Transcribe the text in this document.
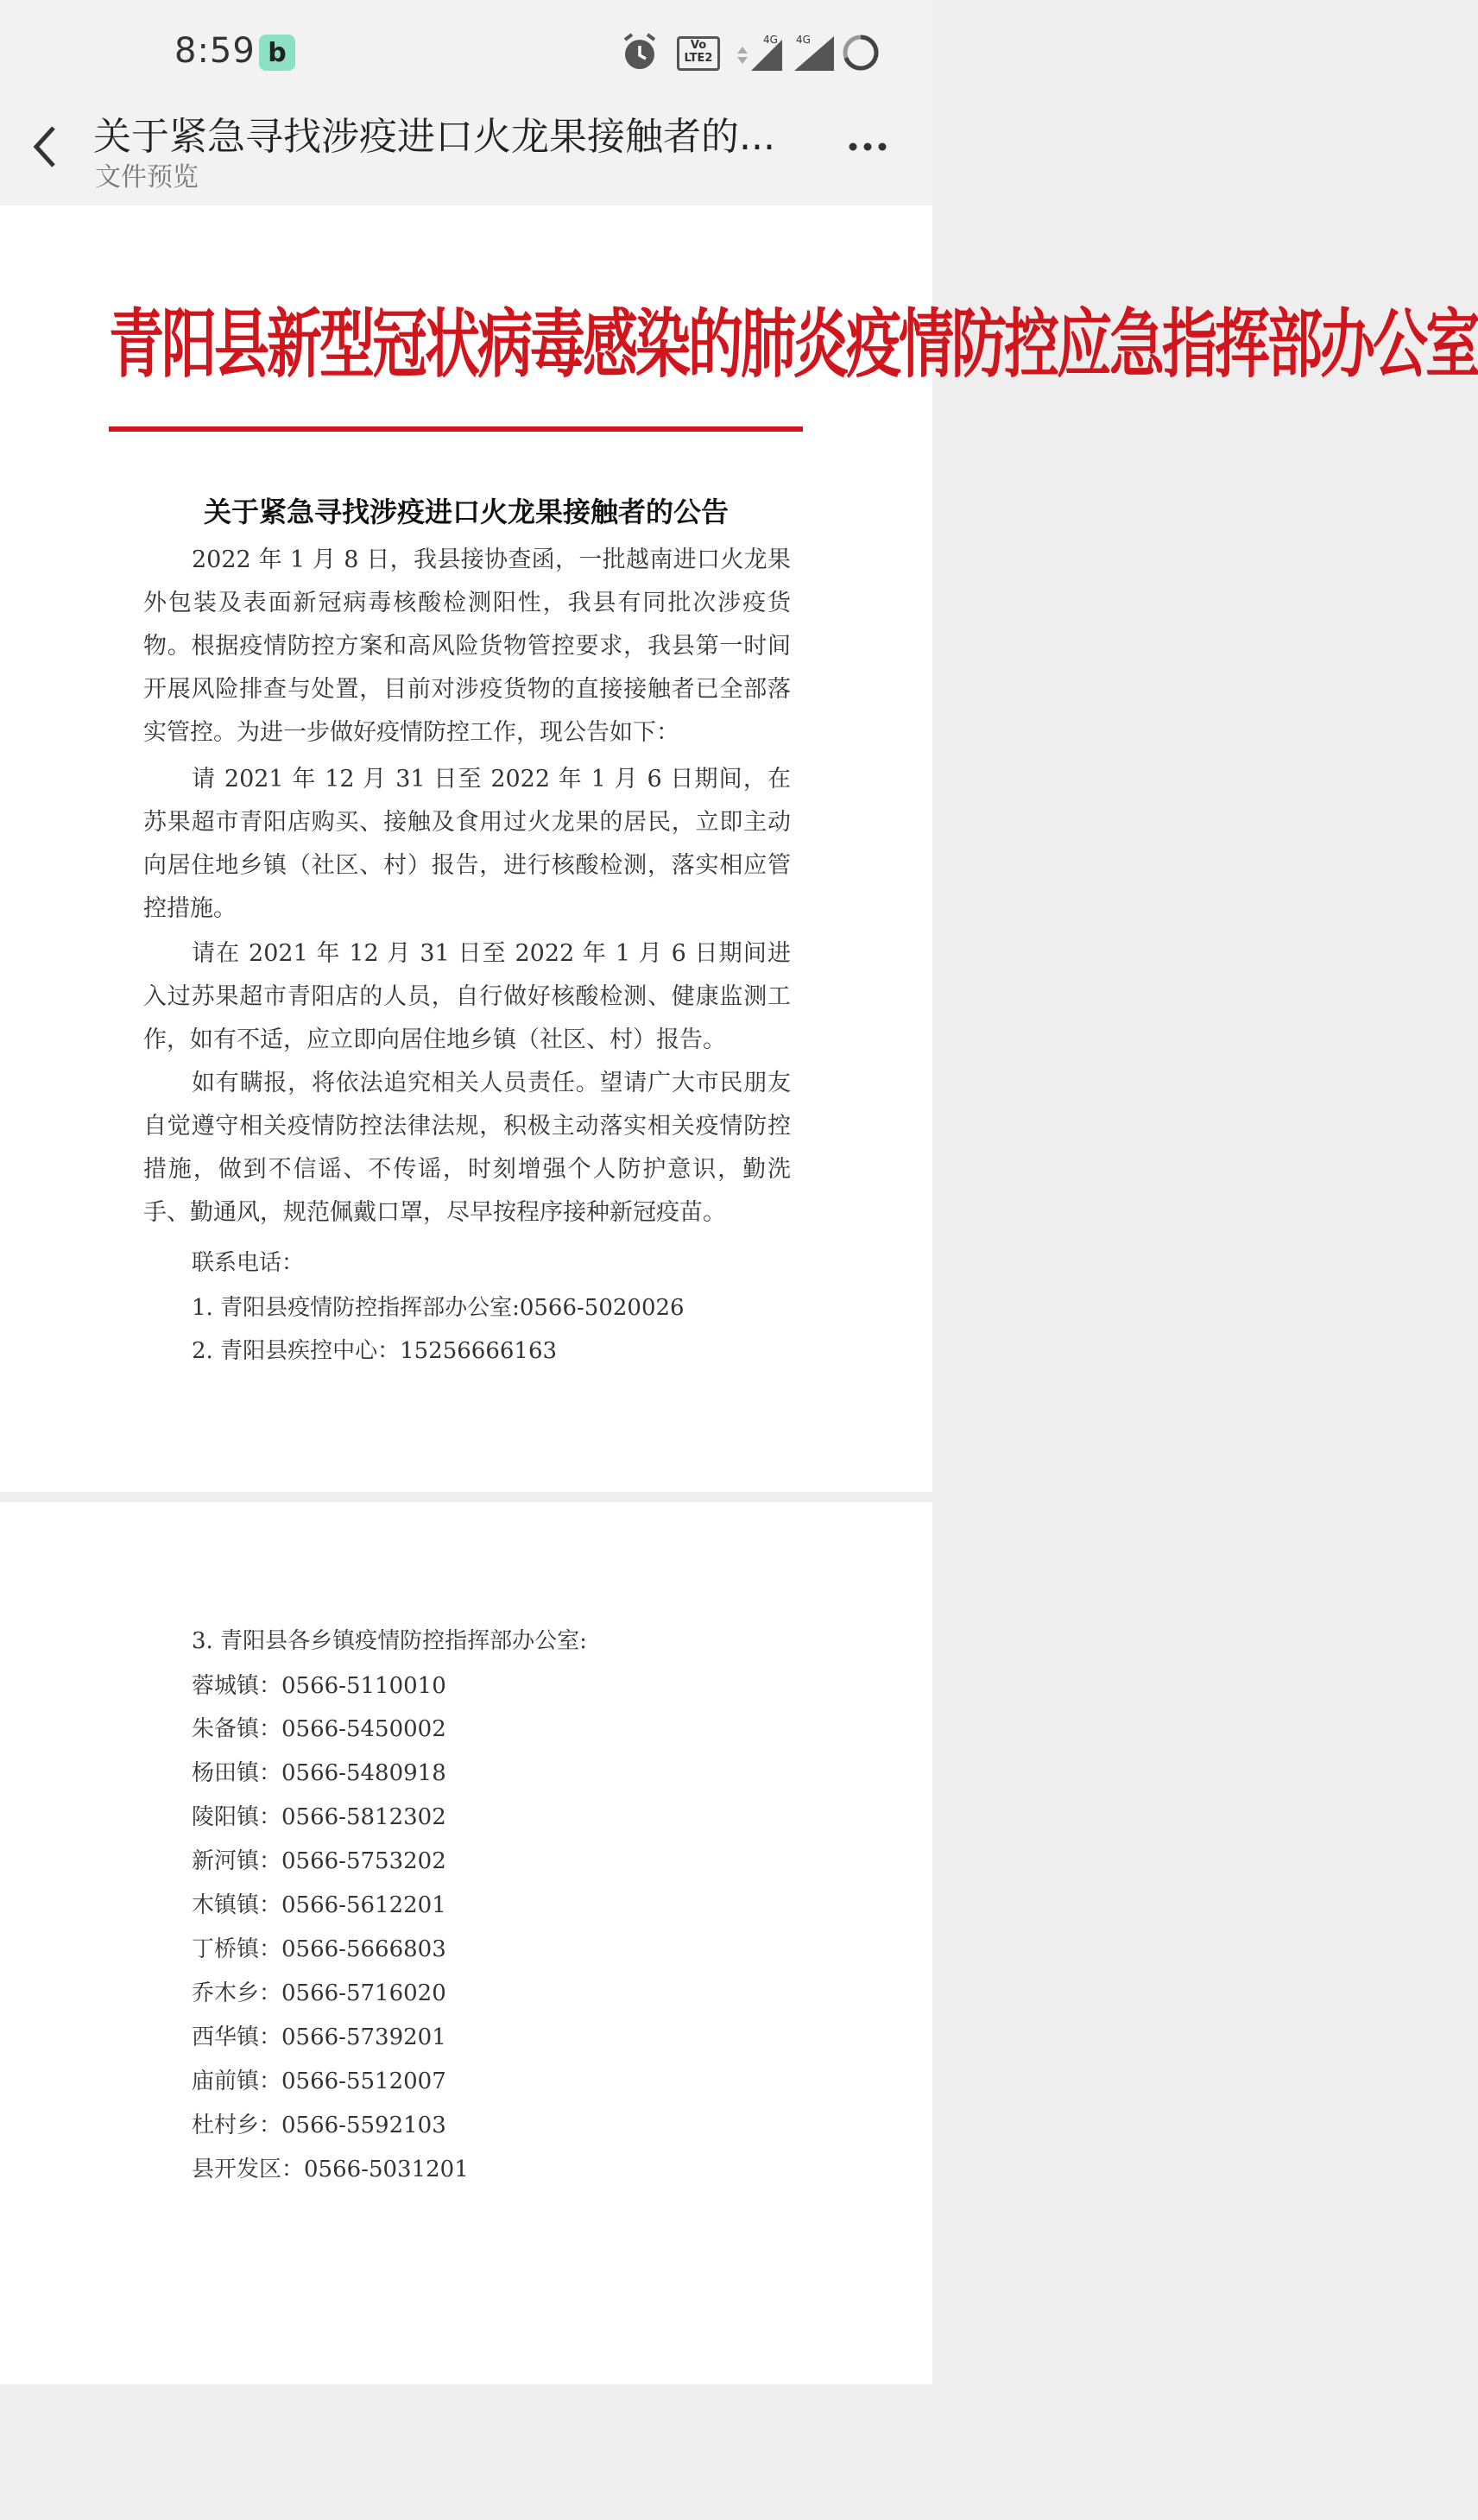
8:59 b	Vo
LTE2
4G 4G
关于紧急寻找涉疫进口火龙果接触者的...
文件预览
青阳县新型冠状病毒感染的肺炎疫情防控应急指挥部办公室
关于紧急寻找涉疫进口火龙果接触者的公告
2022 年 1 月 8 日，我县接协查函，一批越南进口火龙果外包装及表面新冠病毒核酸检测阳性，我县有同批次涉疫货物。根据疫情防控方案和高风险货物管控要求，我县第一时间开展风险排查与处置，目前对涉疫货物的直接接触者已全部落实管控。为进一步做好疫情防控工作，现公告如下：
请 2021 年 12 月 31 日至 2022 年 1 月 6 日期间，在苏果超市青阳店购买、接触及食用过火龙果的居民，立即主动向居住地乡镇（社区、村）报告，进行核酸检测，落实相应管控措施。
请在 2021 年 12 月 31 日至 2022 年 1 月 6 日期间进入过苏果超市青阳店的人员，自行做好核酸检测、健康监测工作，如有不适，应立即向居住地乡镇（社区、村）报告。
如有瞒报，将依法追究相关人员责任。望请广大市民朋友自觉遵守相关疫情防控法律法规，积极主动落实相关疫情防控措施，做到不信谣、不传谣，时刻增强个人防护意识，勤洗手、勤通风，规范佩戴口罩，尽早按程序接种新冠疫苗。
联系电话：
1. 青阳县疫情防控指挥部办公室:0566-5020026
2. 青阳县疾控中心：15256666163
3. 青阳县各乡镇疫情防控指挥部办公室:
蓉城镇：0566-5110010
朱备镇：0566-5450002
杨田镇：0566-5480918
陵阳镇：0566-5812302
新河镇：0566-5753202
木镇镇：0566-5612201
丁桥镇：0566-5666803
乔木乡：0566-5716020
西华镇：0566-5739201
庙前镇：0566-5512007
杜村乡：0566-5592103
县开发区：0566-5031201
